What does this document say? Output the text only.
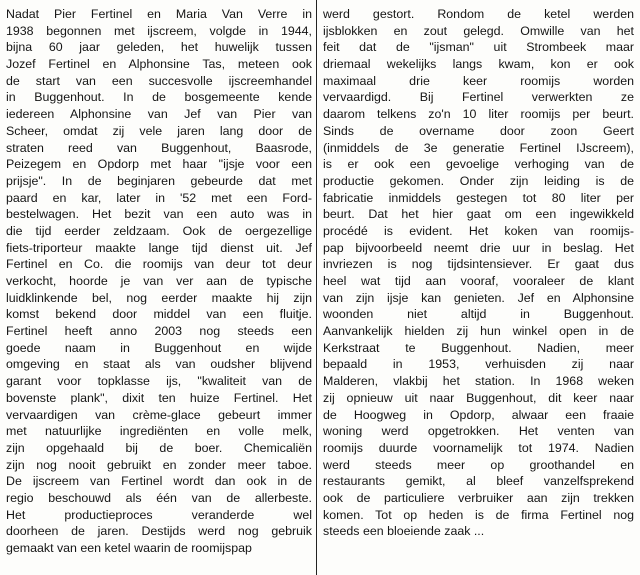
Nadat Pier Fertinel en Maria Van Verre in
1938 begonnen met ijscreem, volgde in 1944,
bijna 60 jaar geleden, het huwelijk tussen
Jozef Fertinel en Alphonsine Tas, meteen ook
de start van een succesvolle ijscreemhandel
in Buggenhout. In de bosgemeente kende
iedereen Alphonsine van Jef van Pier van
Scheer, omdat zij vele jaren lang door de
straten reed van Buggenhout, Baasrode,
Peizegem en Opdorp met haar "ijsje voor een
prijsje". In de beginjaren gebeurde dat met
paard en kar, later in '52 met een Ford-
bestelwagen. Het bezit van een auto was in
die tijd eerder zeldzaam. Ook de oergezellige
fiets-triporteur maakte lange tijd dienst uit. Jef
Fertinel en Co. die roomijs van deur tot deur
verkocht, hoorde je van ver aan de typische
luidklinkende bel, nog eerder maakte hij zijn
komst bekend door middel van een fluitje.
Fertinel heeft anno 2003 nog steeds een
goede naam in Buggenhout en wijde
omgeving en staat als van oudsher blijvend
garant voor topklasse ijs, "kwaliteit van de
bovenste plank", dixit ten huize Fertinel. Het
vervaardigen van crème-glace gebeurt immer
met natuurlijke ingrediënten en volle melk,
zijn opgehaald bij de boer. Chemicaliën
zijn nog nooit gebruikt en zonder meer taboe.
De ijscreem van Fertinel wordt dan ook in de
regio beschouwd als één van de allerbeste.
Het productieproces veranderde wel
doorheen de jaren. Destijds werd nog gebruik
gemaakt van een ketel waarin de roomijspap
werd gestort. Rondom de ketel werden
ijsblokken en zout gelegd. Omwille van het
feit dat de "ijsman" uit Strombeek maar
driemaal wekelijks langs kwam, kon er ook
maximaal drie keer roomijs worden
vervaardigd. Bij Fertinel verwerkten ze
daarom telkens zo'n 10 liter roomijs per beurt.
Sinds de overname door zoon Geert
(inmiddels de 3e generatie Fertinel IJscreem),
is er ook een gevoelige verhoging van de
productie gekomen. Onder zijn leiding is de
fabricatie inmiddels gestegen tot 80 liter per
beurt. Dat het hier gaat om een ingewikkeld
procédé is evident. Het koken van roomijs-
pap bijvoorbeeld neemt drie uur in beslag. Het
invriezen is nog tijdsintensiever. Er gaat dus
heel wat tijd aan vooraf, vooraleer de klant
van zijn ijsje kan genieten. Jef en Alphonsine
woonden niet altijd in Buggenhout.
Aanvankelijk hielden zij hun winkel open in de
Kerkstraat te Buggenhout. Nadien, meer
bepaald in 1953, verhuisden zij naar
Malderen, vlakbij het station. In 1968 weken
zij opnieuw uit naar Buggenhout, dit keer naar
de Hoogweg in Opdorp, alwaar een fraaie
woning werd opgetrokken. Het venten van
roomijs duurde voornamelijk tot 1974. Nadien
werd steeds meer op groothandel en
restaurants gemikt, al bleef vanzelfsprekend
ook de particuliere verbruiker aan zijn trekken
komen. Tot op heden is de firma Fertinel nog
steeds een bloeiende zaak ...
